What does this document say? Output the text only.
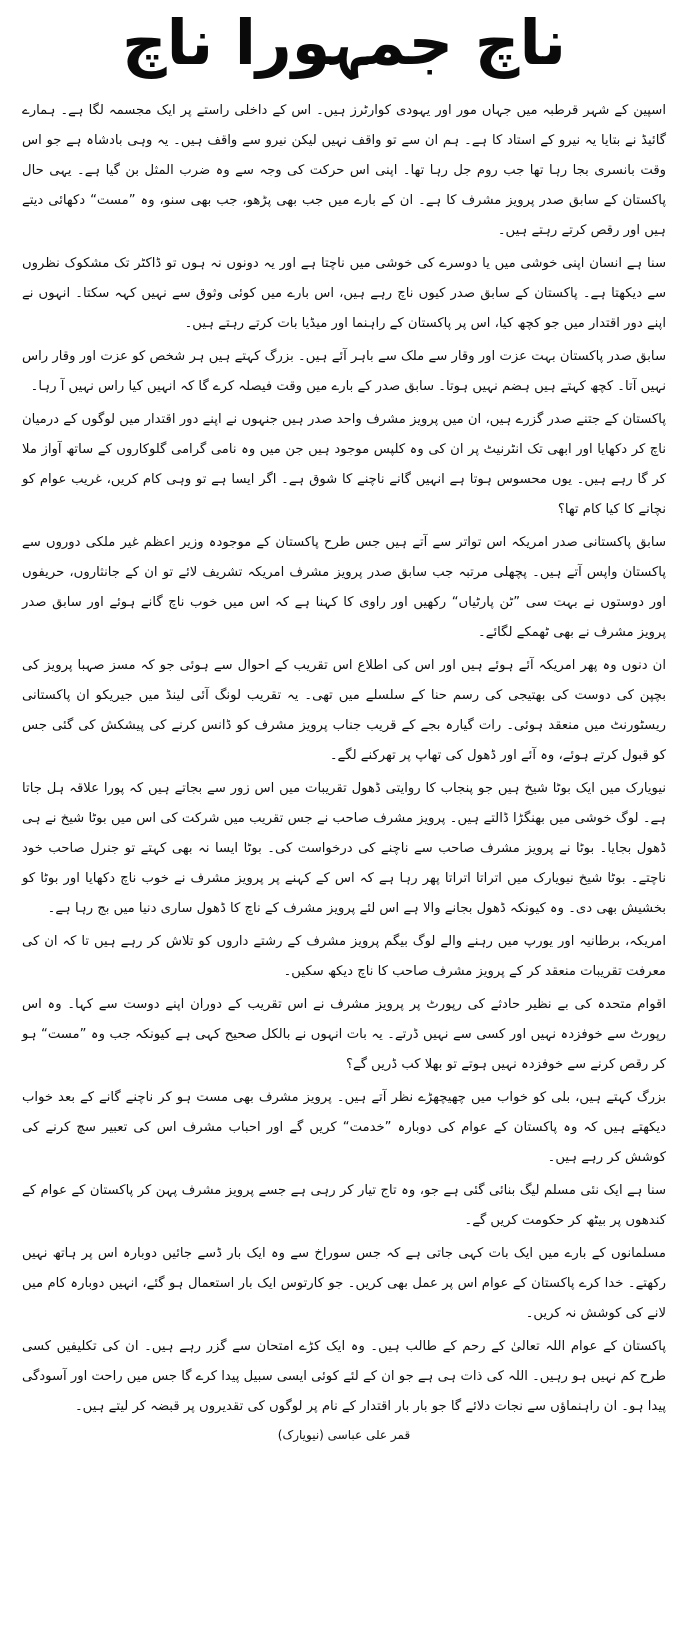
ناچ جمہورا ناچ

اسپین کے شہر قرطبہ میں جہاں مور اور یہودی کوارٹرز ہیں۔ اس کے داخلی راستے پر ایک مجسمہ لگا ہے۔ ہمارے گائیڈ نے بتایا یہ نیرو کے استاد کا ہے۔ ہم ان سے تو واقف نہیں لیکن نیرو سے واقف ہیں۔ یہ وہی بادشاہ ہے جو اس وقت بانسری بجا رہا تھا جب روم جل رہا تھا۔ اپنی اس حرکت کی وجہ سے وہ ضرب المثل بن گیا ہے۔ یہی حال پاکستان کے سابق صدر پرویز مشرف کا ہے۔ ان کے بارے میں جب بھی پڑھو، جب بھی سنو، وہ ”مست“ دکھائی دیتے ہیں اور رقص کرتے رہتے ہیں۔

سنا ہے انسان اپنی خوشی میں یا دوسرے کی خوشی میں ناچتا ہے اور یہ دونوں نہ ہوں تو ڈاکٹر تک مشکوک نظروں سے دیکھتا ہے۔ پاکستان کے سابق صدر کیوں ناچ رہے ہیں، اس بارے میں کوئی وثوق سے نہیں کہہ سکتا۔ انہوں نے اپنے دور اقتدار میں جو کچھ کیا، اس پر پاکستان کے راہنما اور میڈیا بات کرتے رہتے ہیں۔

سابق صدر پاکستان بہت عزت اور وقار سے ملک سے باہر آئے ہیں۔ بزرگ کہتے ہیں ہر شخص کو عزت اور وقار راس نہیں آتا۔ کچھ کہتے ہیں ہضم نہیں ہوتا۔ سابق صدر کے بارے میں وقت فیصلہ کرے گا کہ انہیں کیا راس نہیں آ رہا۔

پاکستان کے جتنے صدر گزرے ہیں، ان میں پرویز مشرف واحد صدر ہیں جنہوں نے اپنے دور اقتدار میں لوگوں کے درمیان ناچ کر دکھایا اور ابھی تک انٹرنیٹ پر ان کی وہ کلپس موجود ہیں جن میں وہ نامی گرامی گلوکاروں کے ساتھ آواز ملا کر گا رہے ہیں۔ یوں محسوس ہوتا ہے انہیں گانے ناچنے کا شوق ہے۔ اگر ایسا ہے تو وہی کام کریں، غریب عوام کو نچانے کا کیا کام تھا؟

سابق پاکستانی صدر امریکہ اس تواتر سے آتے ہیں جس طرح پاکستان کے موجودہ وزیر اعظم غیر ملکی دوروں سے پاکستان واپس آتے ہیں۔ پچھلی مرتبہ جب سابق صدر پرویز مشرف امریکہ تشریف لائے تو ان کے جانثاروں، حریفوں اور دوستوں نے بہت سی ”ٹن پارٹیاں“ رکھیں اور راوی کا کہنا ہے کہ اس میں خوب ناچ گانے ہوئے اور سابق صدر پرویز مشرف نے بھی ٹھمکے لگائے۔

ان دنوں وہ پھر امریکہ آئے ہوئے ہیں اور اس کی اطلاع اس تقریب کے احوال سے ہوئی جو کہ مسز صہبا پرویز کی بچپن کی دوست کی بھتیجی کی رسم حنا کے سلسلے میں تھی۔ یہ تقریب لونگ آئی لینڈ میں جیریکو ان پاکستانی ریسٹورنٹ میں منعقد ہوئی۔ رات گیارہ بجے کے قریب جناب پرویز مشرف کو ڈانس کرنے کی پیشکش کی گئی جس کو قبول کرتے ہوئے، وہ آئے اور ڈھول کی تھاپ پر تھرکنے لگے۔

نیویارک میں ایک بوٹا شیخ ہیں جو پنجاب کا روایتی ڈھول تقریبات میں اس زور سے بجاتے ہیں کہ پورا علاقہ ہل جاتا ہے۔ لوگ خوشی میں بھنگڑا ڈالتے ہیں۔ پرویز مشرف صاحب نے جس تقریب میں شرکت کی اس میں بوٹا شیخ نے ہی ڈھول بجایا۔ بوٹا نے پرویز مشرف صاحب سے ناچنے کی درخواست کی۔ بوٹا ایسا نہ بھی کہتے تو جنرل صاحب خود ناچتے۔ بوٹا شیخ نیویارک میں اتراتا اتراتا پھر رہا ہے کہ اس کے کہنے پر پرویز مشرف نے خوب ناچ دکھایا اور بوٹا کو بخشیش بھی دی۔ وہ کیونکہ ڈھول بجانے والا ہے اس لئے پرویز مشرف کے ناچ کا ڈھول ساری دنیا میں بج رہا ہے۔

امریکہ، برطانیہ اور یورپ میں رہنے والے لوگ بیگم پرویز مشرف کے رشتے داروں کو تلاش کر رہے ہیں تا کہ ان کی معرفت تقریبات منعقد کر کے پرویز مشرف صاحب کا ناچ دیکھ سکیں۔

اقوام متحدہ کی بے نظیر حادثے کی رپورٹ پر پرویز مشرف نے اس تقریب کے دوران اپنے دوست سے کہا۔ وہ اس رپورٹ سے خوفزدہ نہیں اور کسی سے نہیں ڈرتے۔ یہ بات انہوں نے بالکل صحیح کہی ہے کیونکہ جب وہ ”مست“ ہو کر رقص کرنے سے خوفزدہ نہیں ہوتے تو بھلا کب ڈریں گے؟

بزرگ کہتے ہیں، بلی کو خواب میں چھیچھڑے نظر آتے ہیں۔ پرویز مشرف بھی مست ہو کر ناچنے گانے کے بعد خواب دیکھتے ہیں کہ وہ پاکستان کے عوام کی دوبارہ ”خدمت“ کریں گے اور احباب مشرف اس کی تعبیر سچ کرنے کی کوشش کر رہے ہیں۔

سنا ہے ایک نئی مسلم لیگ بنائی گئی ہے جو، وہ تاج تیار کر رہی ہے جسے پرویز مشرف پہن کر پاکستان کے عوام کے کندھوں پر بیٹھ کر حکومت کریں گے۔

مسلمانوں کے بارے میں ایک بات کہی جاتی ہے کہ جس سوراخ سے وہ ایک بار ڈسے جائیں دوبارہ اس پر ہاتھ نہیں رکھتے۔ خدا کرے پاکستان کے عوام اس پر عمل بھی کریں۔ جو کارتوس ایک بار استعمال ہو گئے، انہیں دوبارہ کام میں لانے کی کوشش نہ کریں۔

پاکستان کے عوام اللہ تعالیٰ کے رحم کے طالب ہیں۔ وہ ایک کڑے امتحان سے گزر رہے ہیں۔ ان کی تکلیفیں کسی طرح کم نہیں ہو رہیں۔ اللہ کی ذات ہی ہے جو ان کے لئے کوئی ایسی سبیل پیدا کرے گا جس میں راحت اور آسودگی پیدا ہو۔ ان راہنماؤں سے نجات دلائے گا جو بار بار اقتدار کے نام پر لوگوں کی تقدیروں پر قبضہ کر لیتے ہیں۔

قمر علی عباسی (نیویارک)
